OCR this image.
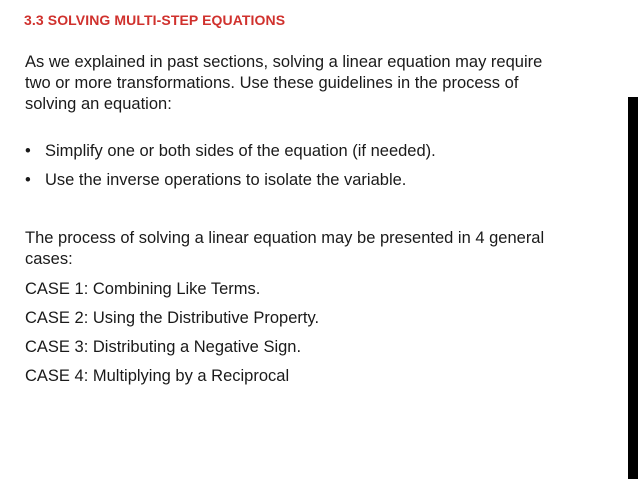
3.3 SOLVING MULTI-STEP EQUATIONS

As we explained in past sections, solving a linear equation may require
two or more transformations. Use these guidelines in the process of
solving an equation:

• Simplify one or both sides of the equation (if needed).
• Use the inverse operations to isolate the variable.

The process of solving a linear equation may be presented in 4 general
cases:

CASE 1: Combining Like Terms.

CASE 2: Using the Distributive Property.

CASE 3: Distributing a Negative Sign.

CASE 4: Multiplying by a Reciprocal
